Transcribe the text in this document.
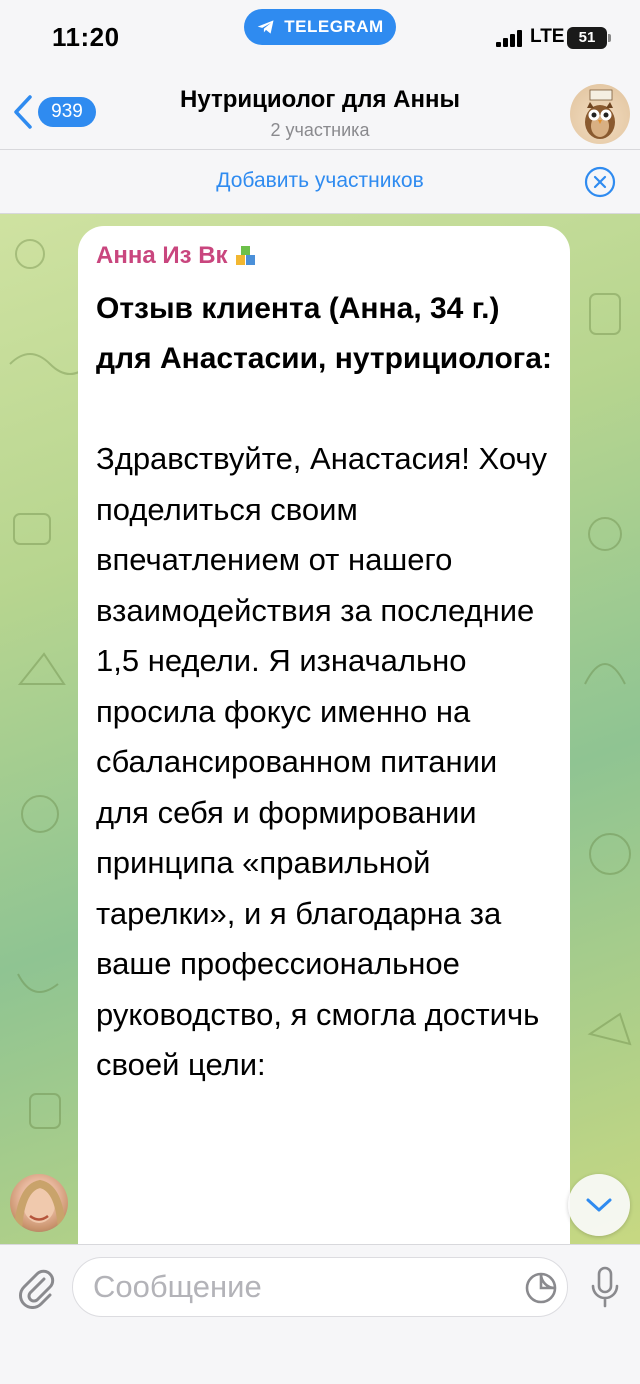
11:20	TELEGRAM	LTE 51
939	Нутрициолог для Анны
2 участника
Добавить участников
Анна Из Вк
Отзыв клиента (Анна, 34 г.) для Анастасии, нутрициолога:
Здравствуйте, Анастасия! Хочу поделиться своим впечатлением от нашего взаимодействия за последние 1,5 недели. Я изначально просила фокус именно на сбалансированном питании для себя и формировании принципа «правильной тарелки», и я благодарна за ваше профессиональное руководство, я смогла достичь своей цели:
Сообщение
